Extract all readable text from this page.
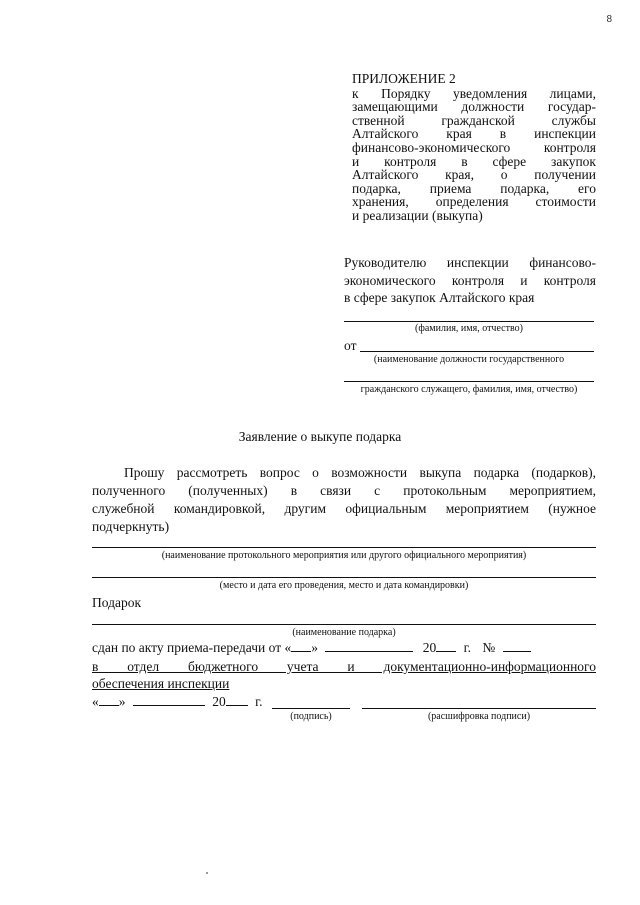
8
ПРИЛОЖЕНИЕ 2
к Порядку уведомления лицами,
замещающими должности государ-
ственной гражданской службы
Алтайского края в инспекции
финансово-экономического контроля
и контроля в сфере закупок
Алтайского края, о получении
подарка, приема подарка, его
хранения, определения стоимости
и реализации (выкупа)
Руководителю инспекции финансово-
экономического контроля и контроля
в сфере закупок Алтайского края
(фамилия, имя, отчество)
от
(наименование должности государственного
гражданского служащего, фамилия, имя, отчество)
Заявление о выкупе подарка
Прошу рассмотреть вопрос о возможности выкупа подарка (подарков),
полученного (полученных) в связи с протокольным мероприятием,
служебной командировкой, другим официальным мероприятием (нужное
подчеркнуть)
(наименование протокольного мероприятия или другого официального мероприятия)
(место и дата его проведения, место и дата командировки)
Подарок
(наименование подарка)
сдан по акту приема-передачи от « »	20 г. №
в отдел бюджетного учета и документационно-информационного
обеспечения инспекции
« »	20 г.
(подпись)	(расшифровка подписи)
